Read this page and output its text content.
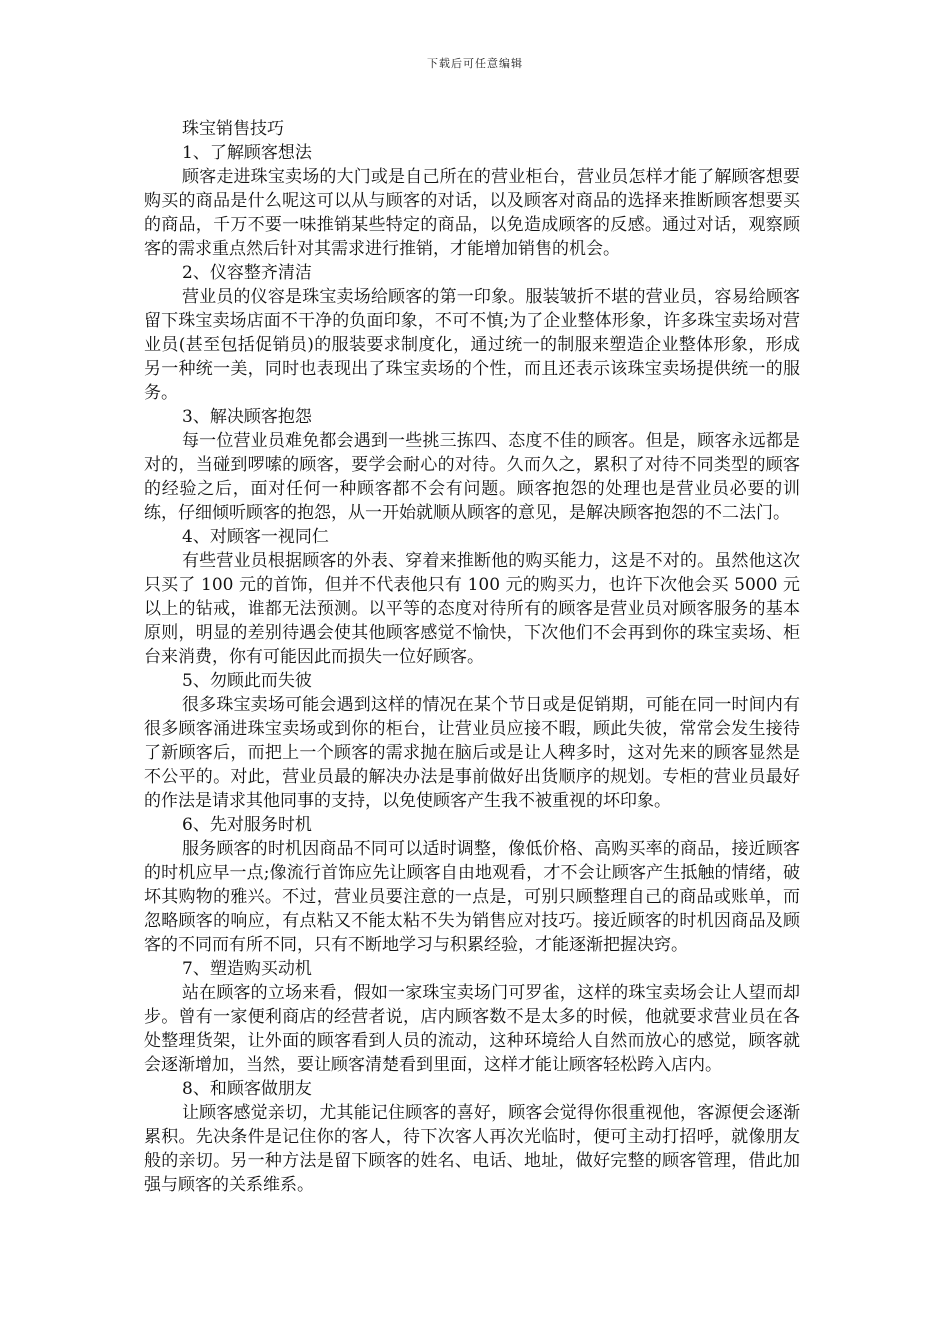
下载后可任意编辑
珠宝销售技巧
1、了解顾客想法

顾客走进珠宝卖场的大门或是自己所在的营业柜台，营业员怎样才能了解顾客想要购买的商品是什么呢这可以从与顾客的对话，以及顾客对商品的选择来推断顾客想要买的商品，千万不要一味推销某些特定的商品，以免造成顾客的反感。通过对话，观察顾客的需求重点然后针对其需求进行推销，才能增加销售的机会。

2、仪容整齐清洁

营业员的仪容是珠宝卖场给顾客的第一印象。服装皱折不堪的营业员，容易给顾客留下珠宝卖场店面不干净的负面印象，不可不慎;为了企业整体形象，许多珠宝卖场对营业员(甚至包括促销员)的服装要求制度化，通过统一的制服来塑造企业整体形象，形成另一种统一美，同时也表现出了珠宝卖场的个性，而且还表示该珠宝卖场提供统一的服务。

3、解决顾客抱怨

每一位营业员难免都会遇到一些挑三拣四、态度不佳的顾客。但是，顾客永远都是对的，当碰到啰嗦的顾客，要学会耐心的对待。久而久之，累积了对待不同类型的顾客的经验之后，面对任何一种顾客都不会有问题。顾客抱怨的处理也是营业员必要的训练，仔细倾听顾客的抱怨，从一开始就顺从顾客的意见，是解决顾客抱怨的不二法门。

4、对顾客一视同仁

有些营业员根据顾客的外表、穿着来推断他的购买能力，这是不对的。虽然他这次只买了 100 元的首饰，但并不代表他只有 100 元的购买力，也许下次他会买 5000 元以上的钻戒，谁都无法预测。以平等的态度对待所有的顾客是营业员对顾客服务的基本原则，明显的差别待遇会使其他顾客感觉不愉快，下次他们不会再到你的珠宝卖场、柜台来消费，你有可能因此而损失一位好顾客。

5、勿顾此而失彼

很多珠宝卖场可能会遇到这样的情况在某个节日或是促销期，可能在同一时间内有很多顾客涌进珠宝卖场或到你的柜台，让营业员应接不暇，顾此失彼，常常会发生接待了新顾客后，而把上一个顾客的需求抛在脑后或是让人稗多时，这对先来的顾客显然是不公平的。对此，营业员最的解决办法是事前做好出货顺序的规划。专柜的营业员最好的作法是请求其他同事的支持，以免使顾客产生我不被重视的坏印象。

6、先对服务时机

服务顾客的时机因商品不同可以适时调整，像低价格、高购买率的商品，接近顾客的时机应早一点;像流行首饰应先让顾客自由地观看，才不会让顾客产生抵触的情绪，破坏其购物的雅兴。不过，营业员要注意的一点是，可别只顾整理自己的商品或账单，而忽略顾客的响应，有点粘又不能太粘不失为销售应对技巧。接近顾客的时机因商品及顾客的不同而有所不同，只有不断地学习与积累经验，才能逐渐把握决窍。

7、塑造购买动机

站在顾客的立场来看，假如一家珠宝卖场门可罗雀，这样的珠宝卖场会让人望而却步。曾有一家便利商店的经营者说，店内顾客数不是太多的时候，他就要求营业员在各处整理货架，让外面的顾客看到人员的流动，这种环境给人自然而放心的感觉，顾客就会逐渐增加，当然，要让顾客清楚看到里面，这样才能让顾客轻松跨入店内。

8、和顾客做朋友

让顾客感觉亲切，尤其能记住顾客的喜好，顾客会觉得你很重视他，客源便会逐渐累积。先决条件是记住你的客人，待下次客人再次光临时，便可主动打招呼，就像朋友般的亲切。另一种方法是留下顾客的姓名、电话、地址，做好完整的顾客管理，借此加强与顾客的关系维系。
